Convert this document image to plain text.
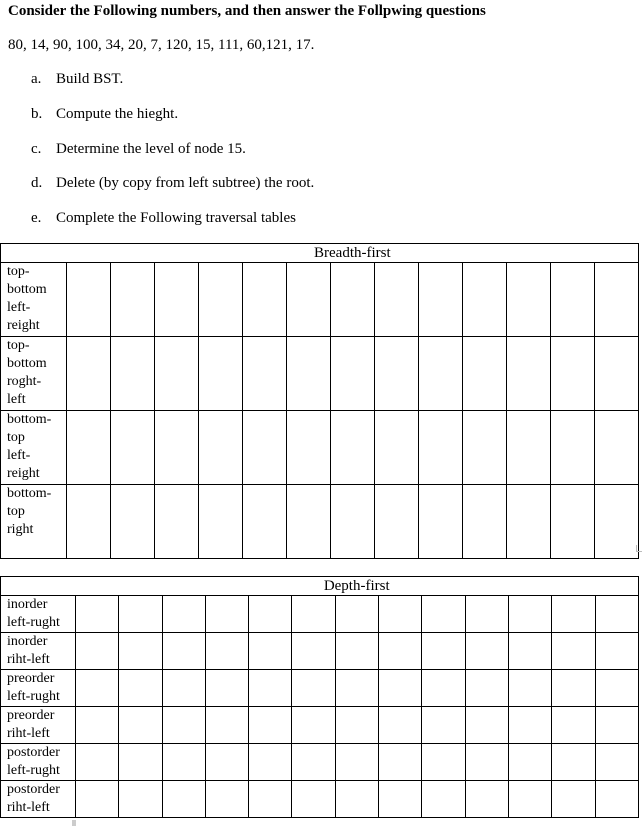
Consider the Following numbers, and then answer the Follpwing questions
80, 14, 90, 100, 34, 20, 7, 120, 15, 111, 60,121, 17.
a. Build BST.
b. Compute the hieght.
c. Determine the level of node 15.
d. Delete (by copy from left subtree) the root.
e. Complete the Following traversal tables
	Breadth-first												

top-
bottom
left-
reight													

top-
bottom
roght-
left													

bottom-
top
left-
reight													

bottom-
top
right													

	Depth-first												

inorder
left-rught													

inorder
riht-left													

preorder
left-rught													

preorder
riht-left													

postorder
left-rught													

postorder
riht-left													
